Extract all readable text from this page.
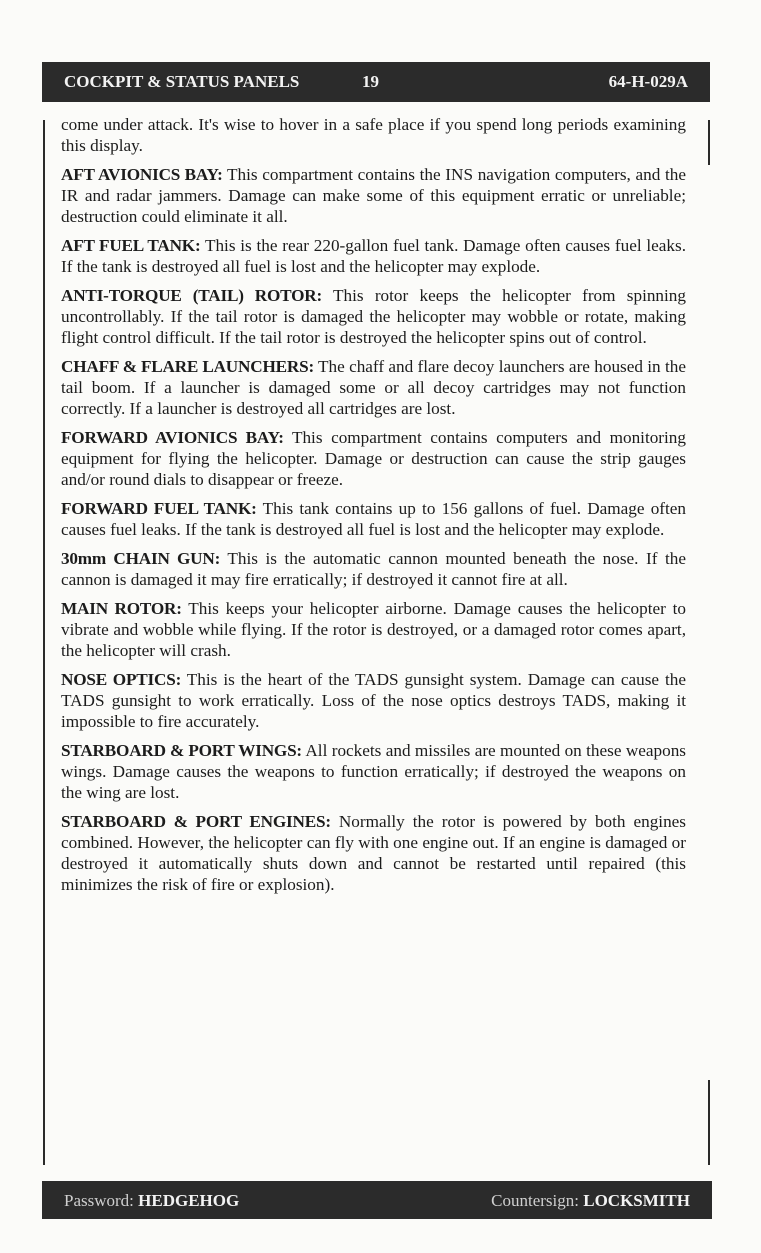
COCKPIT & STATUS PANELS	19	64-H-029A

come under attack. It's wise to hover in a safe place if you spend long periods examining this display.

AFT AVIONICS BAY: This compartment contains the INS navigation computers, and the IR and radar jammers. Damage can make some of this equipment erratic or unreliable; destruction could eliminate it all.

AFT FUEL TANK: This is the rear 220-gallon fuel tank. Damage often causes fuel leaks. If the tank is destroyed all fuel is lost and the helicopter may explode.

ANTI-TORQUE (TAIL) ROTOR: This rotor keeps the helicopter from spinning uncontrollably. If the tail rotor is damaged the helicopter may wobble or rotate, making flight control difficult. If the tail rotor is destroyed the helicopter spins out of control.

CHAFF & FLARE LAUNCHERS: The chaff and flare decoy launchers are housed in the tail boom. If a launcher is damaged some or all decoy cartridges may not function correctly. If a launcher is destroyed all cartridges are lost.

FORWARD AVIONICS BAY: This compartment contains computers and monitoring equipment for flying the helicopter. Damage or destruction can cause the strip gauges and/or round dials to disappear or freeze.

FORWARD FUEL TANK: This tank contains up to 156 gallons of fuel. Damage often causes fuel leaks. If the tank is destroyed all fuel is lost and the helicopter may explode.

30mm CHAIN GUN: This is the automatic cannon mounted beneath the nose. If the cannon is damaged it may fire erratically; if destroyed it cannot fire at all.

MAIN ROTOR: This keeps your helicopter airborne. Damage causes the helicopter to vibrate and wobble while flying. If the rotor is destroyed, or a damaged rotor comes apart, the helicopter will crash.

NOSE OPTICS: This is the heart of the TADS gunsight system. Damage can cause the TADS gunsight to work erratically. Loss of the nose optics destroys TADS, making it impossible to fire accurately.

STARBOARD & PORT WINGS: All rockets and missiles are mounted on these weapons wings. Damage causes the weapons to function erratically; if destroyed the weapons on the wing are lost.

STARBOARD & PORT ENGINES: Normally the rotor is powered by both engines combined. However, the helicopter can fly with one engine out. If an engine is damaged or destroyed it automatically shuts down and cannot be restarted until repaired (this minimizes the risk of fire or explosion).

Password: HEDGEHOG	Countersign: LOCKSMITH
